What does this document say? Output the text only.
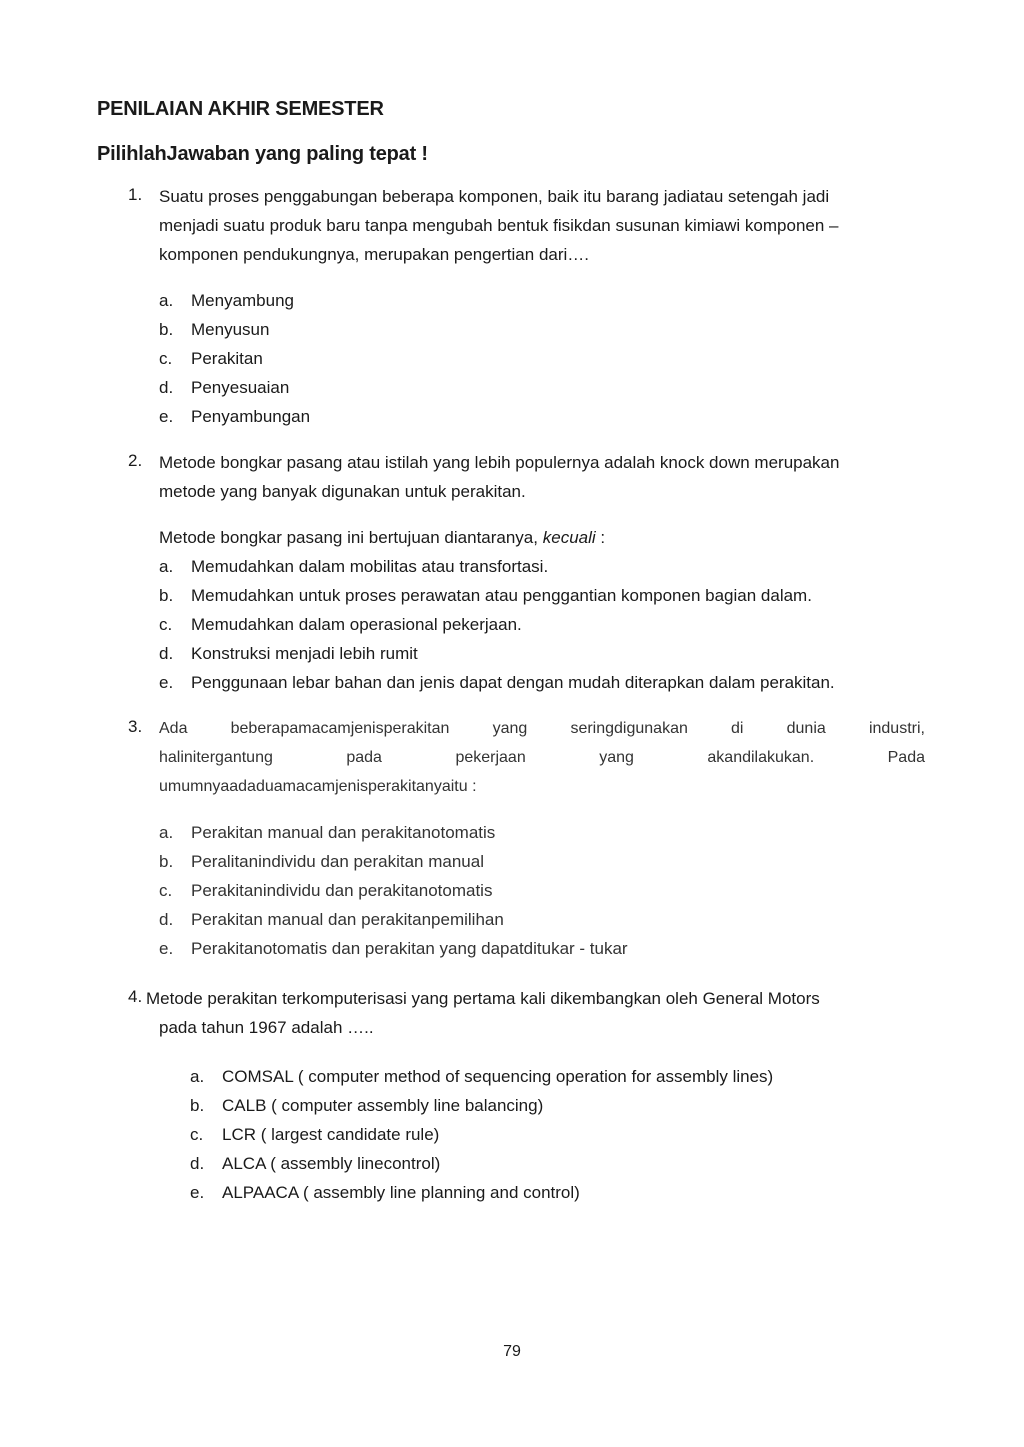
PENILAIAN AKHIR SEMESTER
PilihlahJawaban yang paling tepat !
1. Suatu proses penggabungan beberapa komponen, baik itu barang jadiatau setengah jadi
menjadi suatu produk baru tanpa mengubah bentuk fisikdan susunan kimiawi komponen –
komponen pendukungnya, merupakan pengertian dari….
a. Menyambung
b. Menyusun
c. Perakitan
d. Penyesuaian
e. Penyambungan
2. Metode bongkar pasang atau istilah yang lebih populernya adalah knock down merupakan
metode yang banyak digunakan untuk perakitan.
Metode bongkar pasang ini bertujuan diantaranya, kecuali :
a. Memudahkan dalam mobilitas atau transfortasi.
b. Memudahkan untuk proses perawatan atau penggantian komponen bagian dalam.
c. Memudahkan dalam operasional pekerjaan.
d. Konstruksi menjadi lebih rumit
e. Penggunaan lebar bahan dan jenis dapat dengan mudah diterapkan dalam perakitan.
3. Ada	beberapamacamjenisperakitan	yang	seringdigunakan	di	dunia	industri,
halinitergantung	pada	pekerjaan	yang	akandilakukan.	Pada
umumnyaadaduamacamjenisperakitanyaitu :
a. Perakitan manual dan perakitanotomatis
b. Peralitanindividu dan perakitan manual
c. Perakitanindividu dan perakitanotomatis
d. Perakitan manual dan perakitanpemilihan
e. Perakitanotomatis dan perakitan yang dapatditukar - tukar
4. Metode perakitan terkomputerisasi yang pertama kali dikembangkan oleh General Motors
pada tahun 1967 adalah …..
a. COMSAL ( computer method of sequencing operation for assembly lines)
b. CALB ( computer assembly line balancing)
c. LCR ( largest candidate rule)
d. ALCA ( assembly linecontrol)
e. ALPAACA ( assembly line planning and control)
79
